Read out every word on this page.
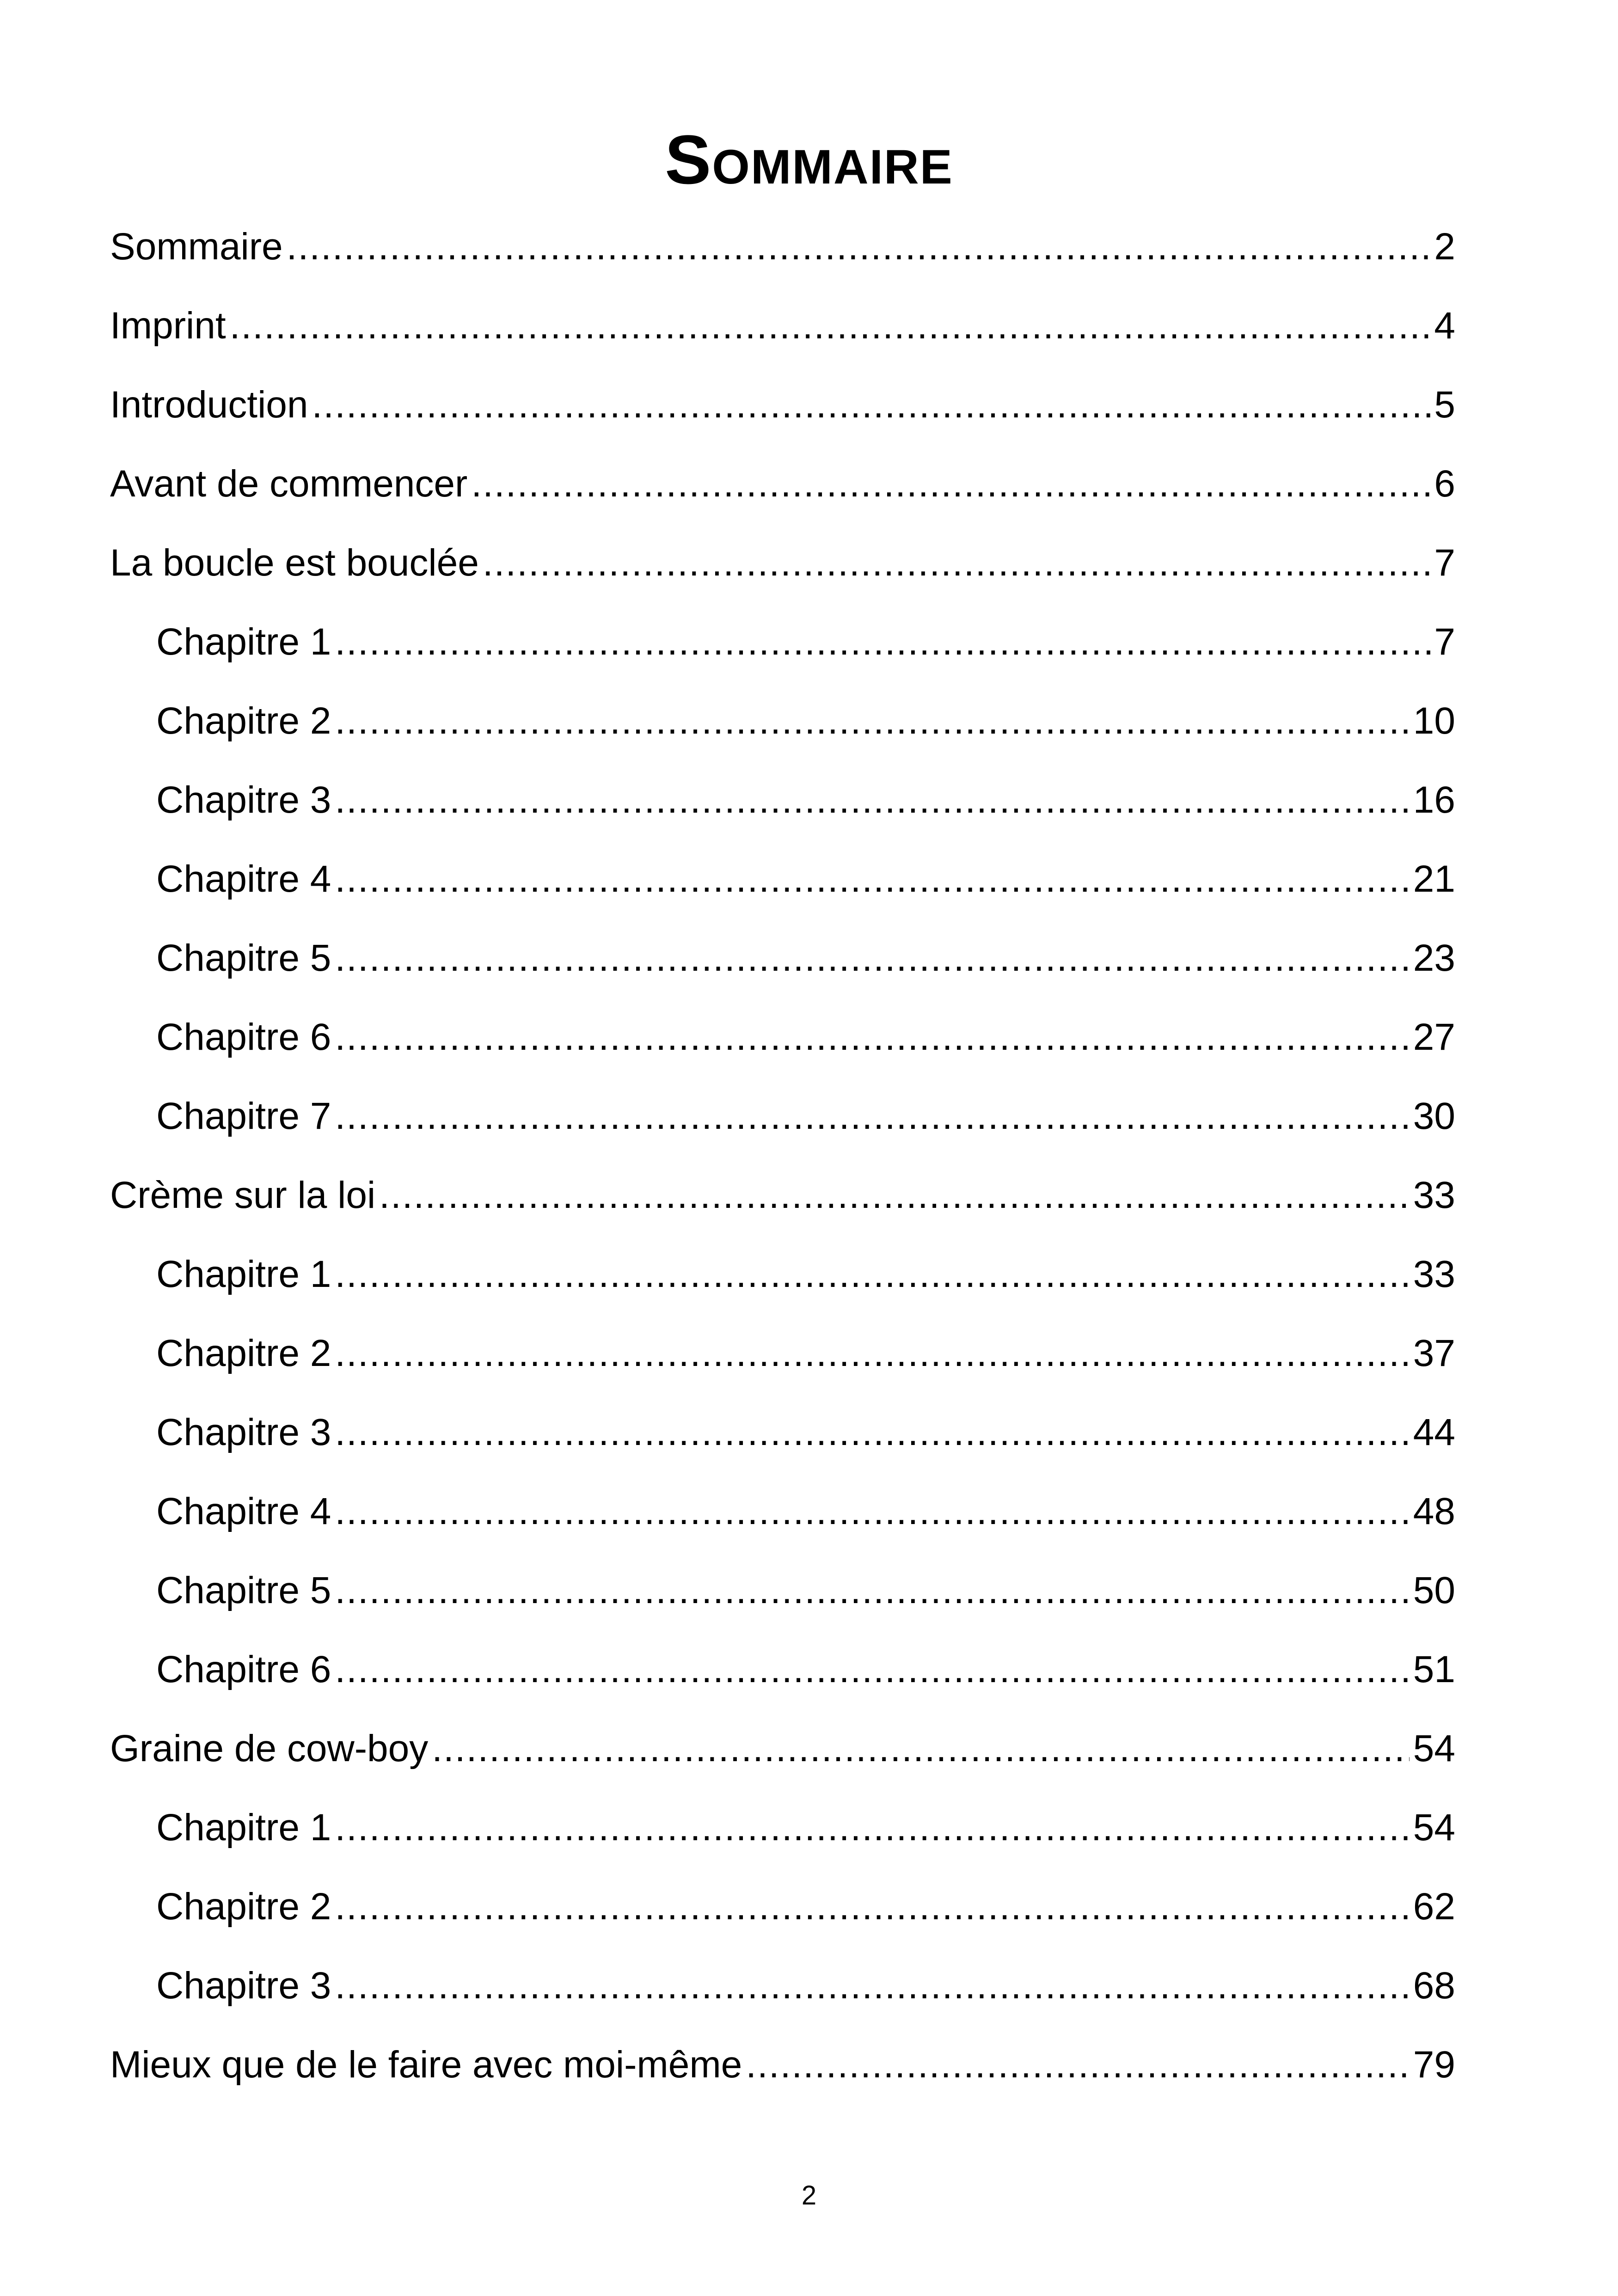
Sommaire
Sommaire .....	2
Imprint .....	4
Introduction .....	5
Avant de commencer .....	6
La boucle est bouclée .....	7
Chapitre 1 .....	7
Chapitre 2 .....	10
Chapitre 3 .....	16
Chapitre 4 .....	21
Chapitre 5 .....	23
Chapitre 6 .....	27
Chapitre 7 .....	30
Crème sur la loi .....	33
Chapitre 1 .....	33
Chapitre 2 .....	37
Chapitre 3 .....	44
Chapitre 4 .....	48
Chapitre 5 .....	50
Chapitre 6 .....	51
Graine de cow-boy .....	54
Chapitre 1 .....	54
Chapitre 2 .....	62
Chapitre 3 .....	68
Mieux que de le faire avec moi-même .....	79
2
